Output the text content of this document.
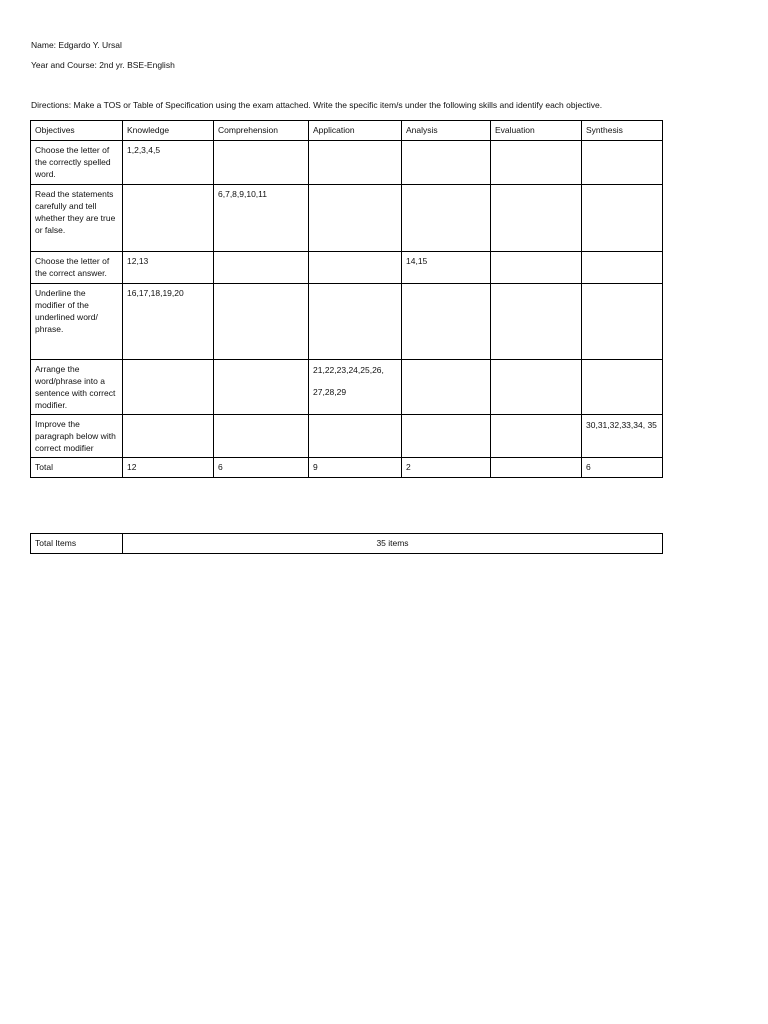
Name: Edgardo Y. Ursal
Year and Course: 2nd yr. BSE-English
Directions: Make a TOS or Table of Specification using the exam attached. Write the specific item/s under the following skills and identify each objective.
Objectives	Knowledge	Comprehension	Application	Analysis	Evaluation	Synthesis
Choose the letter of the correctly spelled word.	1,2,3,4,5					
Read the statements carefully and tell whether they are true or false.		6,7,8,9,10,11				
Choose the letter of the correct answer.	12,13			14,15		
Underline the modifier of the underlined word/ phrase.	16,17,18,19,20					
Arrange the word/phrase into a sentence with correct modifier.			21,22,23,24,25,26, 27,28,29			

Improve the paragraph below with correct modifier						30,31,32,33,34, 35

Total	12	6	9	2		6
Total Items	35 items
